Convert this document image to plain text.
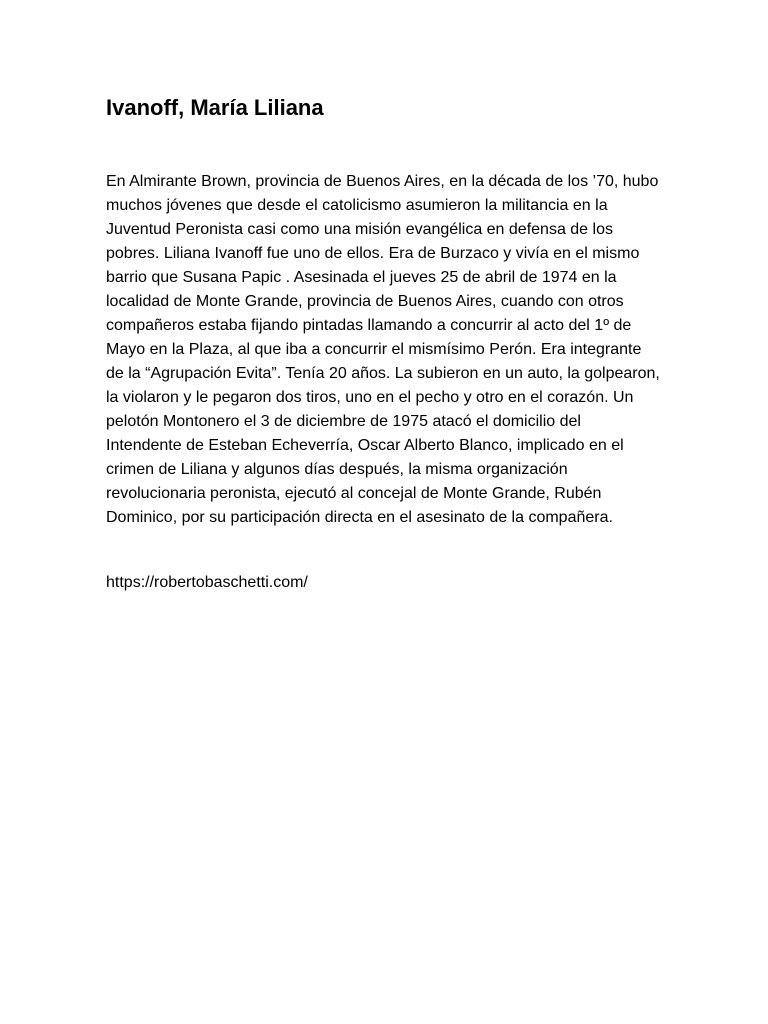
Ivanoff, María Liliana
En Almirante Brown, provincia de Buenos Aires, en la década de los ’70, hubo
muchos jóvenes que desde el catolicismo asumieron la militancia en la
Juventud Peronista casi como una misión evangélica en defensa de los
pobres. Liliana Ivanoff fue uno de ellos. Era de Burzaco y vivía en el mismo
barrio que Susana Papic . Asesinada el jueves 25 de abril de 1974 en la
localidad de Monte Grande, provincia de Buenos Aires, cuando con otros
compañeros estaba fijando pintadas llamando a concurrir al acto del 1º de
Mayo en la Plaza, al que iba a concurrir el mismísimo Perón. Era integrante
de la “Agrupación Evita”. Tenía 20 años. La subieron en un auto, la golpearon,
la violaron y le pegaron dos tiros, uno en el pecho y otro en el corazón. Un
pelotón Montonero el 3 de diciembre de 1975 atacó el domicilio del
Intendente de Esteban Echeverría, Oscar Alberto Blanco, implicado en el
crimen de Liliana y algunos días después, la misma organización
revolucionaria peronista, ejecutó al concejal de Monte Grande, Rubén
Dominico, por su participación directa en el asesinato de la compañera.

https://robertobaschetti.com/
